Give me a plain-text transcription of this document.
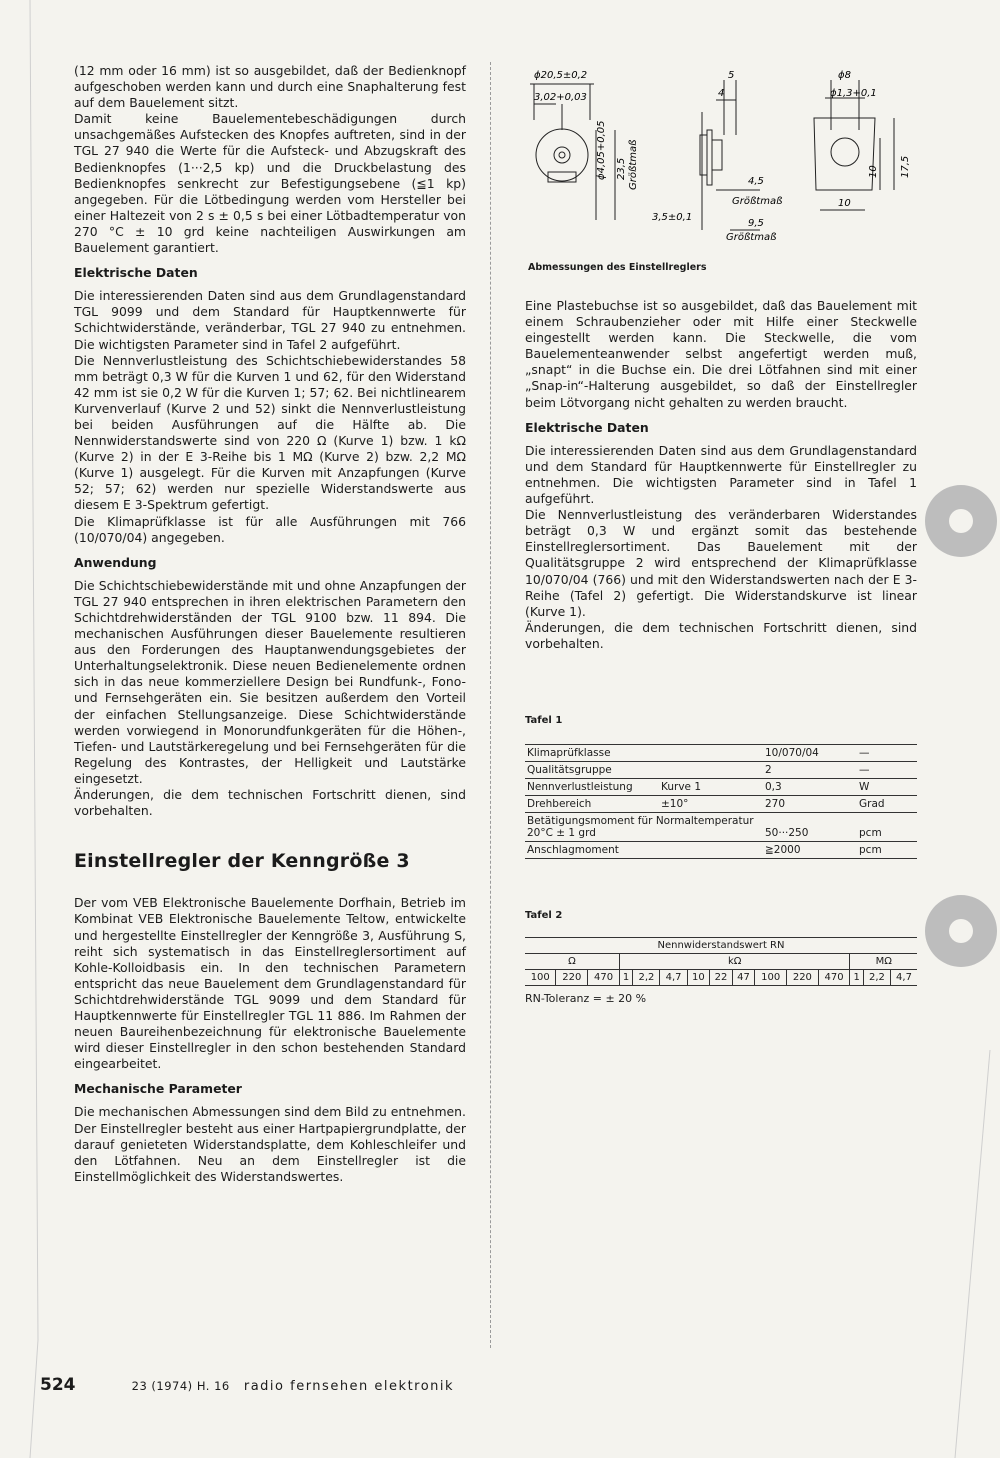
(12 mm oder 16 mm) ist so ausgebildet, daß der Bedienknopf aufgeschoben werden kann und durch eine Snaphalterung fest auf dem Bauelement sitzt.

Damit keine Bauelementebeschädigungen durch unsachgemäßes Aufstecken des Knopfes auftreten, sind in der TGL 27 940 die Werte für die Aufsteck- und Abzugskraft des Bedienknopfes (1···2,5 kp) und die Druckbelastung des Bedienknopfes senkrecht zur Befestigungsebene (≦1 kp) angegeben. Für die Lötbedingung werden vom Hersteller bei einer Haltezeit von 2 s ± 0,5 s bei einer Lötbadtemperatur von 270 °C ± 10 grd keine nachteiligen Auswirkungen am Bauelement garantiert.

Elektrische Daten

Die interessierenden Daten sind aus dem Grundlagenstandard TGL 9099 und dem Standard für Hauptkennwerte für Schichtwiderstände, veränderbar, TGL 27 940 zu entnehmen. Die wichtigsten Parameter sind in Tafel 2 aufgeführt.

Die Nennverlustleistung des Schichtschiebewiderstandes 58 mm beträgt 0,3 W für die Kurven 1 und 62, für den Widerstand 42 mm ist sie 0,2 W für die Kurven 1; 57; 62. Bei nichtlinearem Kurvenverlauf (Kurve 2 und 52) sinkt die Nennverlustleistung bei beiden Ausführungen auf die Hälfte ab. Die Nennwiderstandswerte sind von 220 Ω (Kurve 1) bzw. 1 kΩ (Kurve 2) in der E 3-Reihe bis 1 MΩ (Kurve 2) bzw. 2,2 MΩ (Kurve 1) ausgelegt. Für die Kurven mit Anzapfungen (Kurve 52; 57; 62) werden nur spezielle Widerstandswerte aus diesem E 3-Spektrum gefertigt.

Die Klimaprüfklasse ist für alle Ausführungen mit 766 (10/070/04) angegeben.

Anwendung

Die Schichtschiebewiderstände mit und ohne Anzapfungen der TGL 27 940 entsprechen in ihren elektrischen Parametern den Schichtdrehwiderständen der TGL 9100 bzw. 11 894. Die mechanischen Ausführungen dieser Bauelemente resultieren aus den Forderungen des Hauptanwendungsgebietes der Unterhaltungselektronik. Diese neuen Bedienelemente ordnen sich in das neue kommerziellere Design bei Rundfunk-, Fono- und Fernsehgeräten ein. Sie besitzen außerdem den Vorteil der einfachen Stellungsanzeige. Diese Schichtwiderstände werden vorwiegend in Monorundfunkgeräten für die Höhen-, Tiefen- und Lautstärkeregelung und bei Fernsehgeräten für die Regelung des Kontrastes, der Helligkeit und Lautstärke eingesetzt.

Änderungen, die dem technischen Fortschritt dienen, sind vorbehalten.

Einstellregler der Kenngröße 3

Der vom VEB Elektronische Bauelemente Dorfhain, Betrieb im Kombinat VEB Elektronische Bauelemente Teltow, entwickelte und hergestellte Einstellregler der Kenngröße 3, Ausführung S, reiht sich systematisch in das Einstellreglersortiment auf Kohle-Kolloidbasis ein. In den technischen Parametern entspricht das neue Bauelement dem Grundlagenstandard für Schichtdrehwiderstände TGL 9099 und dem Standard für Hauptkennwerte für Einstellregler TGL 11 886. Im Rahmen der neuen Baureihenbezeichnung für elektronische Bauelemente wird dieser Einstellregler in den schon bestehenden Standard eingearbeitet.

Mechanische Parameter

Die mechanischen Abmessungen sind dem Bild zu entnehmen.

Der Einstellregler besteht aus einer Hartpapiergrundplatte, der darauf genieteten Widerstandsplatte, dem Kohleschleifer und den Lötfahnen. Neu an dem Einstellregler ist die Einstellmöglichkeit des Widerstandswertes.

ϕ20,5±0,2
3,02+0,03
ϕ4,05+0,05 23,5 Größtmaß
5
4
4,5
Größtmaß
3,5±0,1
9,5
Größtmaß
ϕ8
ϕ1,3+0,1
10 17,5
10
Abmessungen des Einstellreglers

Eine Plastebuchse ist so ausgebildet, daß das Bauelement mit einem Schraubenzieher oder mit Hilfe einer Steckwelle eingestellt werden kann. Die Steckwelle, die vom Bauelementeanwender selbst angefertigt werden muß, „snapt“ in die Buchse ein. Die drei Lötfahnen sind mit einer „Snap-in“-Halterung ausgebildet, so daß der Einstellregler beim Lötvorgang nicht gehalten zu werden braucht.

Elektrische Daten

Die interessierenden Daten sind aus dem Grundlagenstandard und dem Standard für Hauptkennwerte für Einstellregler zu entnehmen. Die wichtigsten Parameter sind in Tafel 1 aufgeführt.

Die Nennverlustleistung des veränderbaren Widerstandes beträgt 0,3 W und ergänzt somit das bestehende Einstellreglersortiment. Das Bauelement mit der Qualitätsgruppe 2 wird entsprechend der Klimaprüfklasse 10/070/04 (766) und mit den Widerstandswerten nach der E 3-Reihe (Tafel 2) gefertigt. Die Widerstandskurve ist linear (Kurve 1).

Änderungen, die dem technischen Fortschritt dienen, sind vorbehalten.

Tafel 1
Klimaprüfklasse		10/070/04	—
Qualitätsgruppe		2	—
Nennverlustleistung	Kurve 1	0,3	W
Drehbereich	±10°	270	Grad
Betätigungsmoment für Normaltemperatur 20°C ± 1 grd		50···250	pcm
Anschlagmoment		≧2000	pcm
Tafel 2
Nennwiderstandswert RN														
Ω			kΩ									MΩ		
100	220	470	1	2,2	4,7	10	22	47	100	220	470	1	2,2	4,7
RN-Toleranz = ± 20 %
524	23 (1974) H. 16 radio fernsehen elektronik
